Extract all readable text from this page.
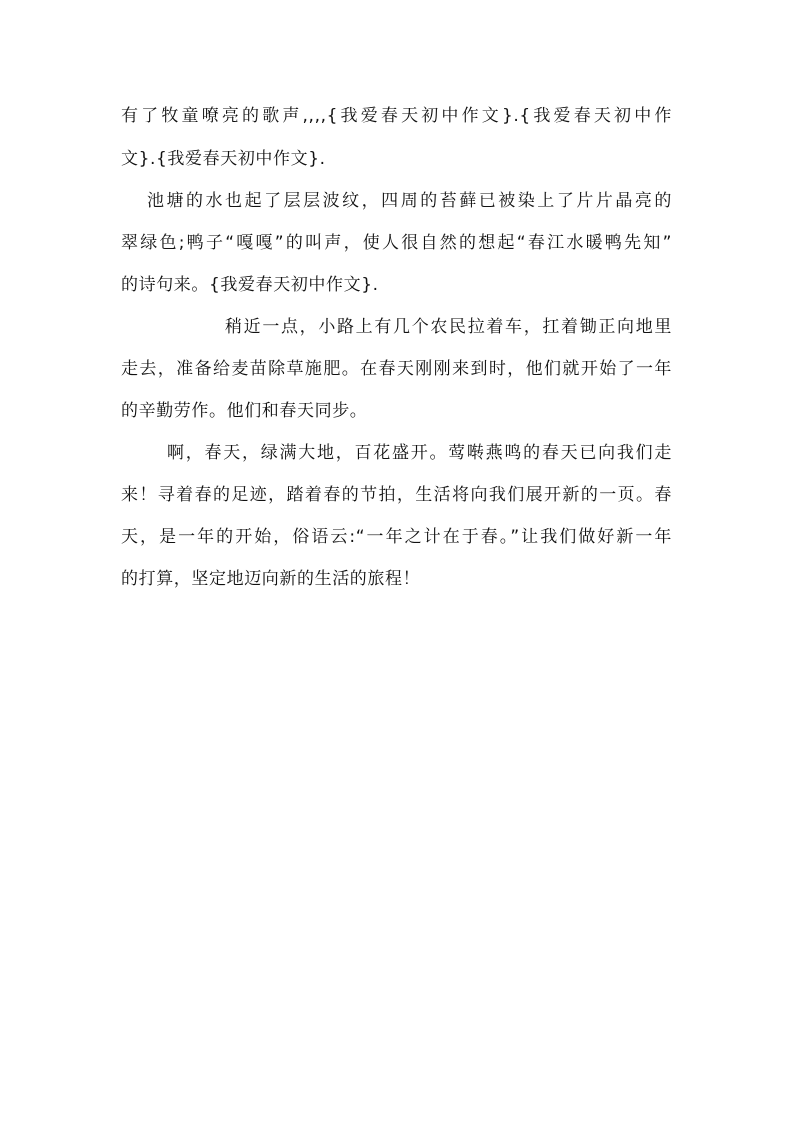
有了牧童嘹亮的歌声,,,,{我爱春天初中作文}.{我爱春天初中作
文}.{我爱春天初中作文}.
池塘的水也起了层层波纹，四周的苔藓已被染上了片片晶亮的
翠绿色;鸭子“嘎嘎”的叫声，使人很自然的想起“春江水暖鸭先知”
的诗句来。{我爱春天初中作文}.
稍近一点，小路上有几个农民拉着车，扛着锄正向地里
走去，准备给麦苗除草施肥。在春天刚刚来到时，他们就开始了一年
的辛勤劳作。他们和春天同步。
啊，春天，绿满大地，百花盛开。莺啭燕鸣的春天已向我们走
来！寻着春的足迹，踏着春的节拍，生活将向我们展开新的一页。春
天，是一年的开始，俗语云:“一年之计在于春。”让我们做好新一年
的打算，坚定地迈向新的生活的旅程！
